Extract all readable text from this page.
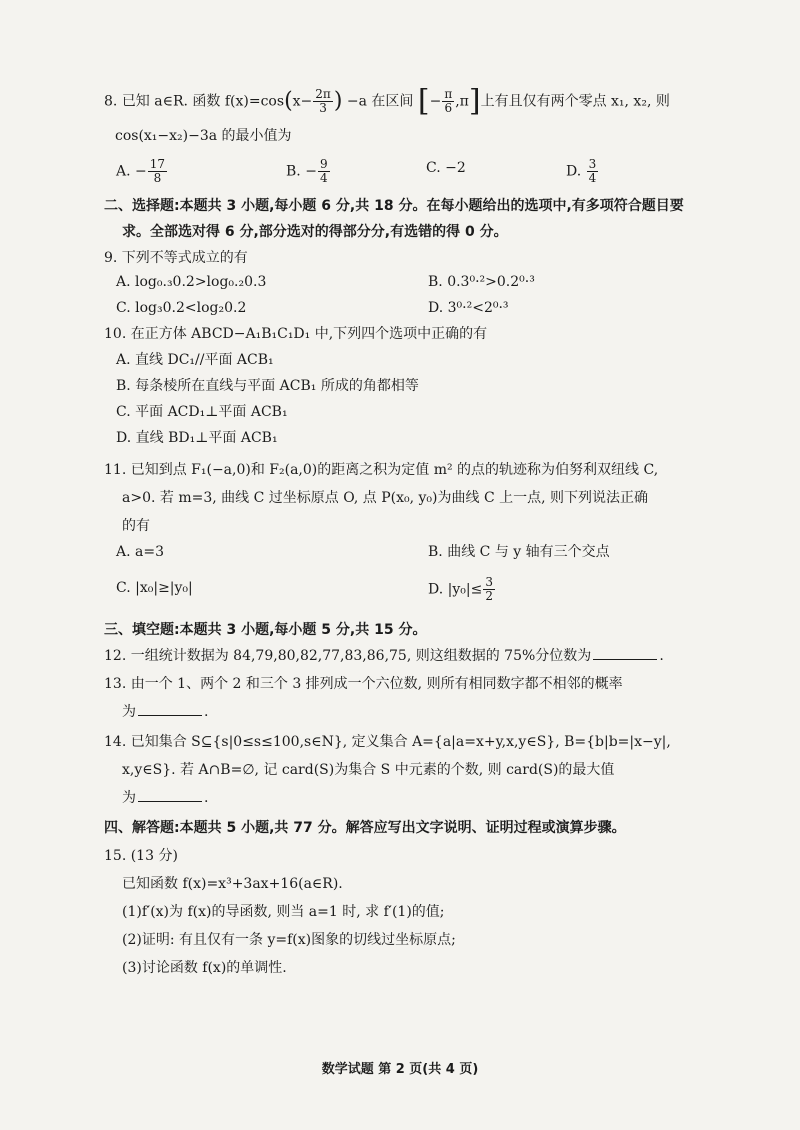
8. 已知 a∈R. 函数 $f(x)=\cos(x- \frac{2\pi}{3}$ ) −a 在区间 [− $\frac{\pi}{6} ,\pi$]上有且仅有两个零点 x₁, x₂, 则
cos(x₁−x₂)−3a 的最小值为
A. − $\frac{17}{8}$	B. − $\frac{9}{4}$	C. −2	D. $\frac{3}{4}$
二、选择题:本题共 3 小题,每小题 6 分,共 18 分。在每小题给出的选项中,有多项符合题目要
求。全部选对得 6 分,部分选对的得部分分,有选错的得 0 分。
9. 下列不等式成立的有
A. log₀.₃0.2>log₀.₂0.3	B. 0.3⁰·²>0.2⁰·³
C. log₃0.2<log₂0.2	D. 3⁰·²<2⁰·³
10. 在正方体 ABCD−A₁B₁C₁D₁ 中,下列四个选项中正确的有
A. 直线 DC₁//平面 ACB₁
B. 每条棱所在直线与平面 ACB₁ 所成的角都相等
C. 平面 ACD₁⊥平面 ACB₁
D. 直线 BD₁⊥平面 ACB₁
11. 已知到点 F₁(−a,0)和 F₂(a,0)的距离之积为定值 m² 的点的轨迹称为伯努利双纽线 C,
a>0. 若 m=3, 曲线 C 过坐标原点 O, 点 P(x₀, y₀)为曲线 C 上一点, 则下列说法正确
的有
A. a=3	B. 曲线 C 与 y 轴有三个交点
C. |x₀|≥|y₀|	D. $|y_0|\le \frac{3}{2}$
三、填空题:本题共 3 小题,每小题 5 分,共 15 分。
12. 一组统计数据为 84,79,80,82,77,83,86,75, 则这组数据的 75%分位数为	.
13. 由一个 1、两个 2 和三个 3 排列成一个六位数, 则所有相同数字都不相邻的概率
为	.
14. 已知集合 S⊆{s|0≤s≤100,s∈N}, 定义集合 A={a|a=x+y,x,y∈S}, B={b|b=|x−y|,
x,y∈S}. 若 A∩B=∅, 记 card(S)为集合 S 中元素的个数, 则 card(S)的最大值
为	.
四、解答题:本题共 5 小题,共 77 分。解答应写出文字说明、证明过程或演算步骤。
15. (13 分)
已知函数 f(x)=x³+3ax+16(a∈R).
(1)f′(x)为 f(x)的导函数, 则当 a=1 时, 求 f′(1)的值;
(2)证明: 有且仅有一条 y=f(x)图象的切线过坐标原点;
(3)讨论函数 f(x)的单调性.
数学试题 第 2 页(共 4 页)
